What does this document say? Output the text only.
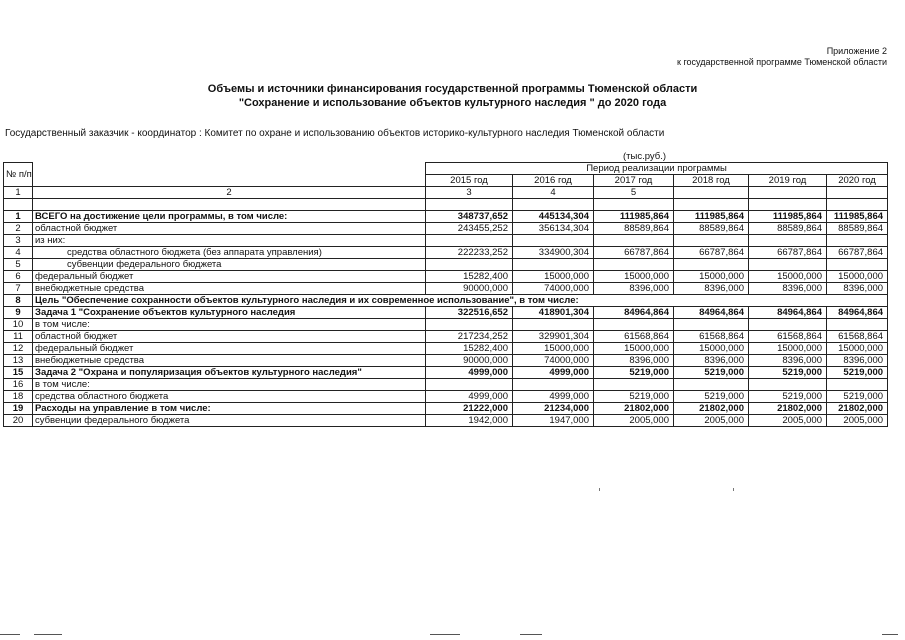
Приложение 2
к государственной программе Тюменской области
Объемы и источники финансирования государственной программы Тюменской области
"Сохранение и использование объектов культурного наследия " до 2020 года
Государственный заказчик - координатор : Комитет по охране и использованию объектов историко-культурного наследия Тюменской области
(тыс.руб.)
№ п/п		Период реализации программы					
		2015 год	2016 год	2017 год	2018 год	2019 год	2020 год
1	2	3	4	5			

1	ВСЕГО на достижение цели программы, в том числе:	348737,652	445134,304	111985,864	111985,864	111985,864	111985,864
2	областной бюджет	243455,252	356134,304	88589,864	88589,864	88589,864	88589,864
3	из них:						
4	средства областного бюджета (без аппарата управления)	222233,252	334900,304	66787,864	66787,864	66787,864	66787,864
5	субвенции федерального бюджета						
6	федеральный бюджет	15282,400	15000,000	15000,000	15000,000	15000,000	15000,000
7	внебюджетные средства	90000,000	74000,000	8396,000	8396,000	8396,000	8396,000
8	Цель "Обеспечение сохранности объектов культурного наследия и их современное использование", в том числе:						
9	Задача 1 "Сохранение объектов культурного наследия	322516,652	418901,304	84964,864	84964,864	84964,864	84964,864
10	в том числе:						
11	областной бюджет	217234,252	329901,304	61568,864	61568,864	61568,864	61568,864
12	федеральный бюджет	15282,400	15000,000	15000,000	15000,000	15000,000	15000,000
13	внебюджетные средства	90000,000	74000,000	8396,000	8396,000	8396,000	8396,000
15	Задача 2 "Охрана и популяризация объектов культурного наследия"	4999,000	4999,000	5219,000	5219,000	5219,000	5219,000
16	в том числе:						
18	средства областного бюджета	4999,000	4999,000	5219,000	5219,000	5219,000	5219,000
19	Расходы на управление в том числе:	21222,000	21234,000	21802,000	21802,000	21802,000	21802,000
20	субвенции федерального бюджета	1942,000	1947,000	2005,000	2005,000	2005,000	2005,000
